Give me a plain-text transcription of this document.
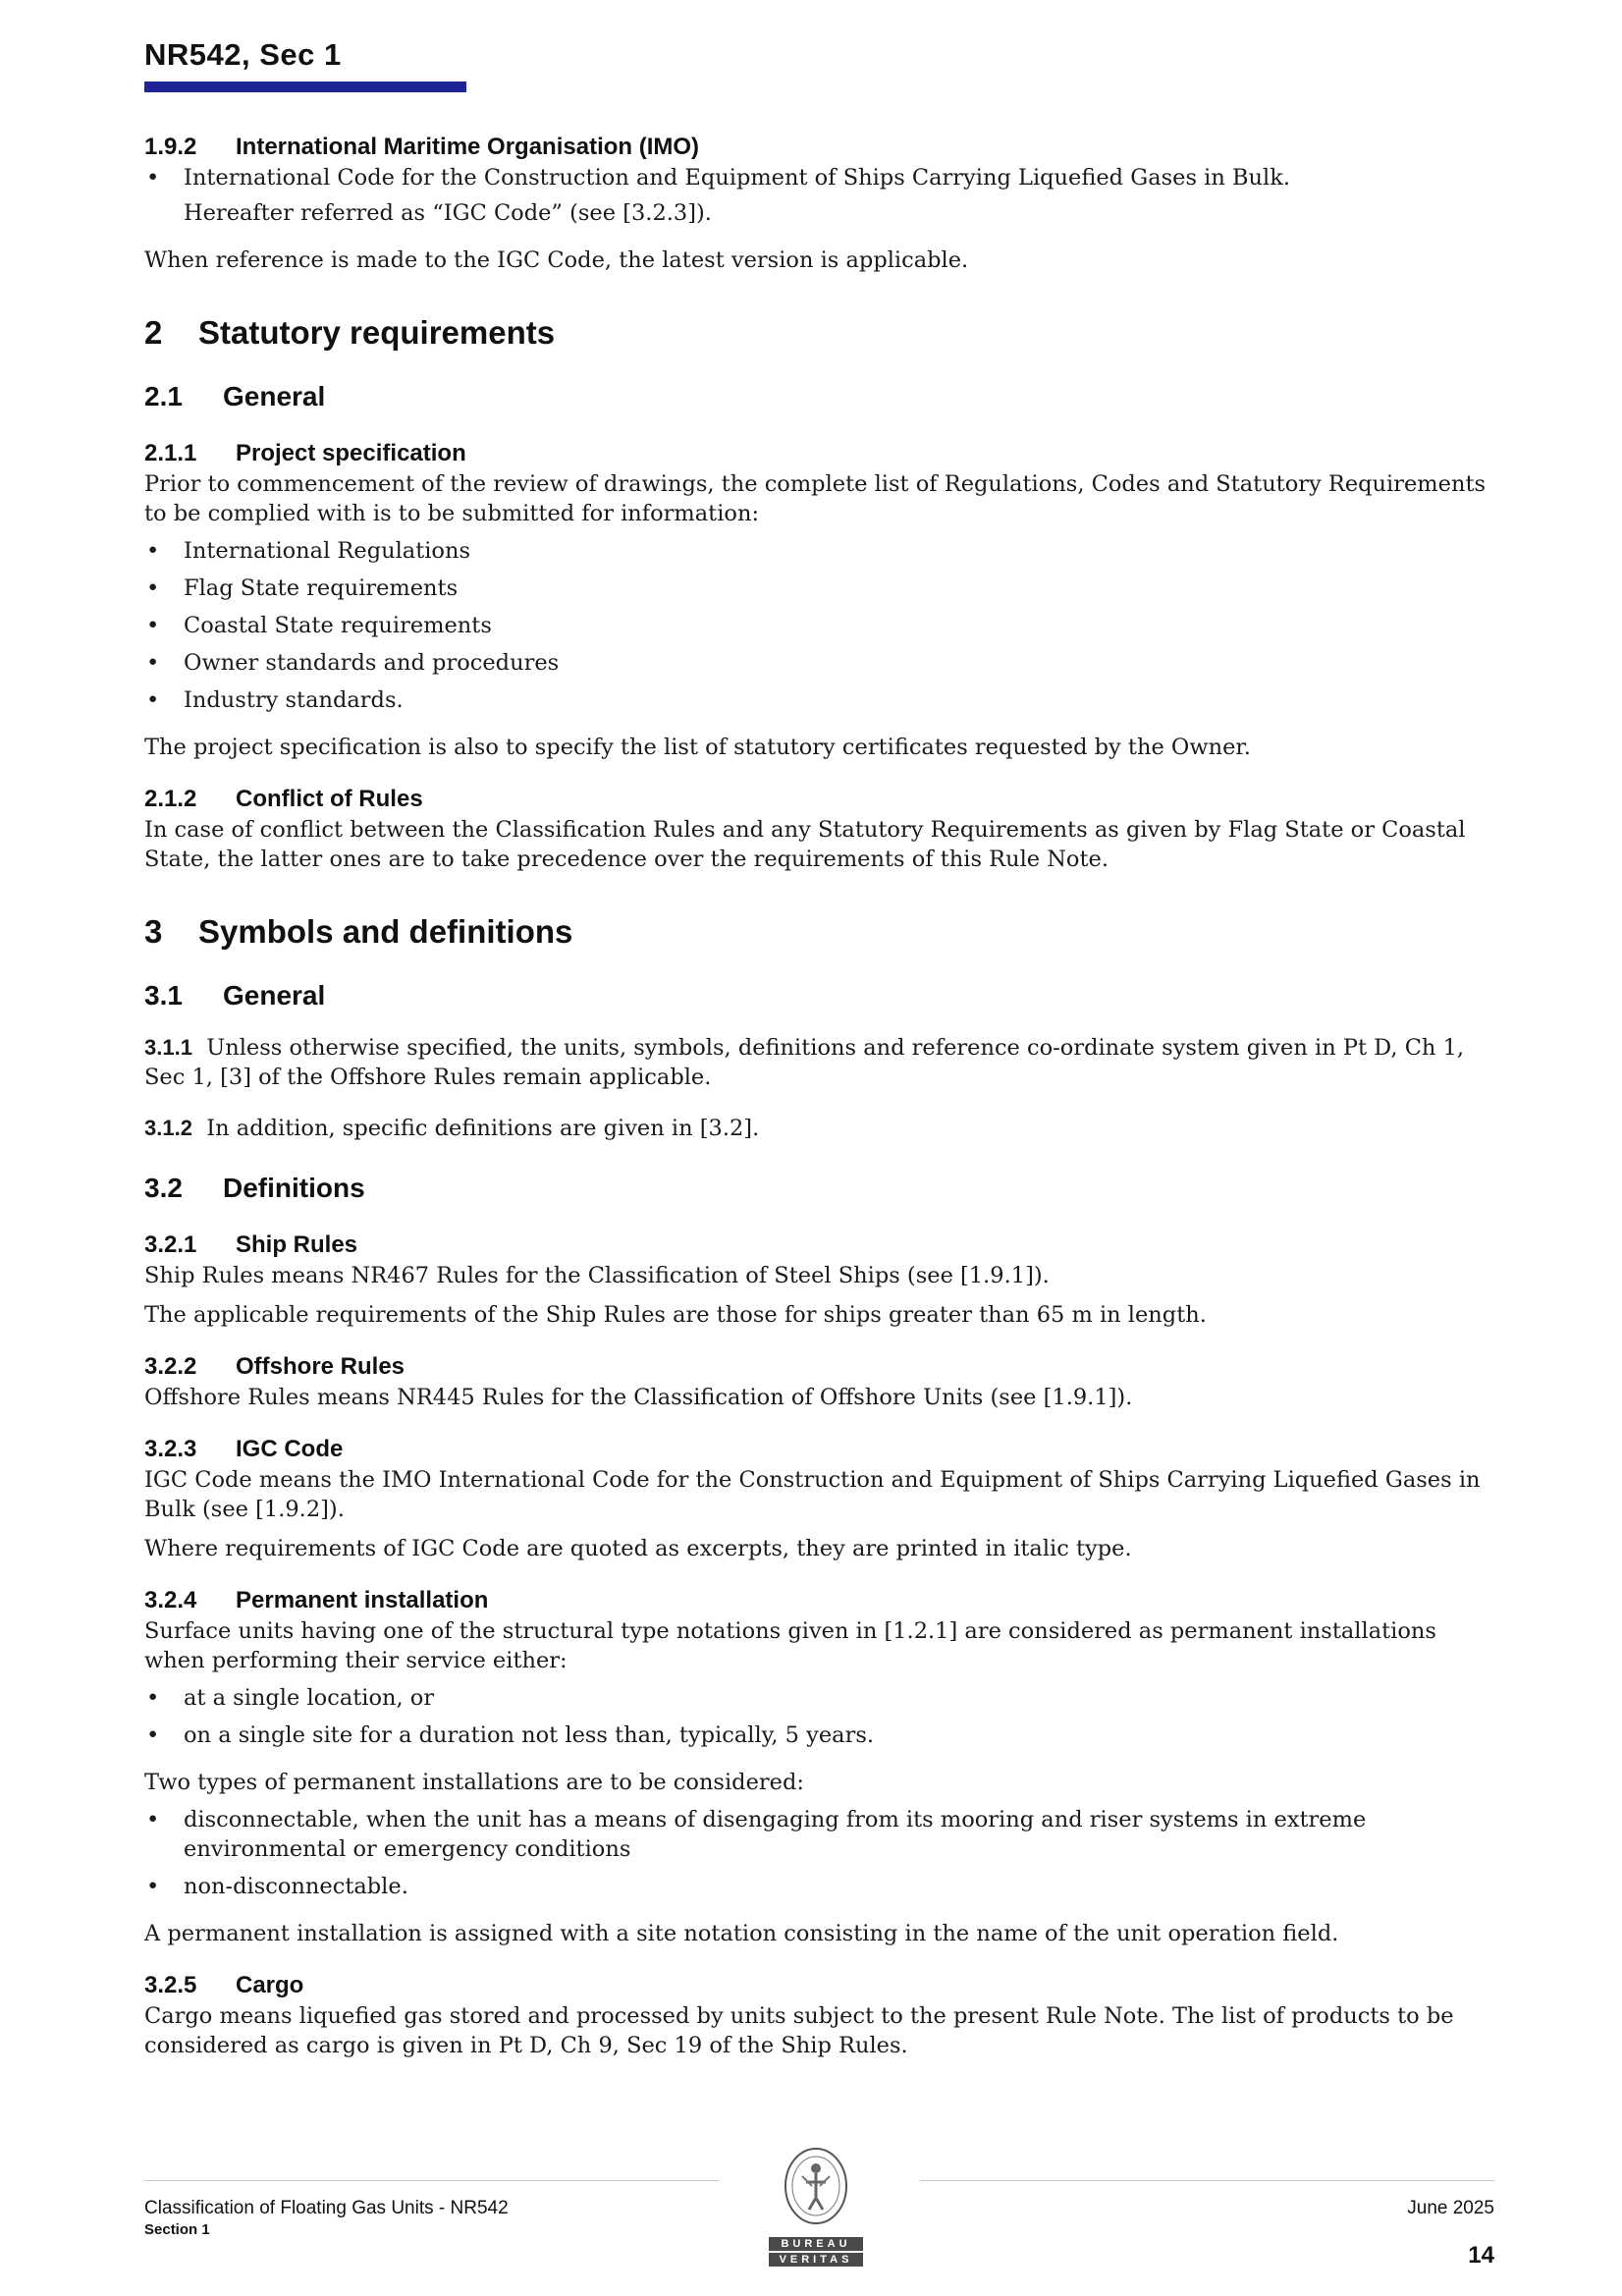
NR542, Sec 1
1.9.2 International Maritime Organisation (IMO)
• International Code for the Construction and Equipment of Ships Carrying Liquefied Gases in Bulk.

Hereafter referred as “IGC Code” (see [3.2.3]).

When reference is made to the IGC Code, the latest version is applicable.

2 Statutory requirements
2.1 General
2.1.1 Project specification

Prior to commencement of the review of drawings, the complete list of Regulations, Codes and Statutory Requirements to be complied with is to be submitted for information:

• International Regulations
• Flag State requirements
• Coastal State requirements
• Owner standards and procedures
• Industry standards.

The project specification is also to specify the list of statutory certificates requested by the Owner.

2.1.2 Conflict of Rules

In case of conflict between the Classification Rules and any Statutory Requirements as given by Flag State or Coastal State, the latter ones are to take precedence over the requirements of this Rule Note.

3 Symbols and definitions
3.1 General

3.1.1 Unless otherwise specified, the units, symbols, definitions and reference co-ordinate system given in Pt D, Ch 1, Sec 1, [3] of the Offshore Rules remain applicable.

3.1.2 In addition, specific definitions are given in [3.2].

3.2 Definitions
3.2.1 Ship Rules

Ship Rules means NR467 Rules for the Classification of Steel Ships (see [1.9.1]).

The applicable requirements of the Ship Rules are those for ships greater than 65 m in length.

3.2.2 Offshore Rules

Offshore Rules means NR445 Rules for the Classification of Offshore Units (see [1.9.1]).

3.2.3 IGC Code

IGC Code means the IMO International Code for the Construction and Equipment of Ships Carrying Liquefied Gases in Bulk (see [1.9.2]).

Where requirements of IGC Code are quoted as excerpts, they are printed in italic type.

3.2.4 Permanent installation

Surface units having one of the structural type notations given in [1.2.1] are considered as permanent installations when performing their service either:

• at a single location, or
• on a single site for a duration not less than, typically, 5 years.

Two types of permanent installations are to be considered:

• disconnectable, when the unit has a means of disengaging from its mooring and riser systems in extreme environmental or emergency conditions
• non-disconnectable.

A permanent installation is assigned with a site notation consisting in the name of the unit operation field.

3.2.5 Cargo

Cargo means liquefied gas stored and processed by units subject to the present Rule Note. The list of products to be considered as cargo is given in Pt D, Ch 9, Sec 19 of the Ship Rules.

Classification of Floating Gas Units - NR542
Section 1
June 2025
14
BUREAU
VERITAS
